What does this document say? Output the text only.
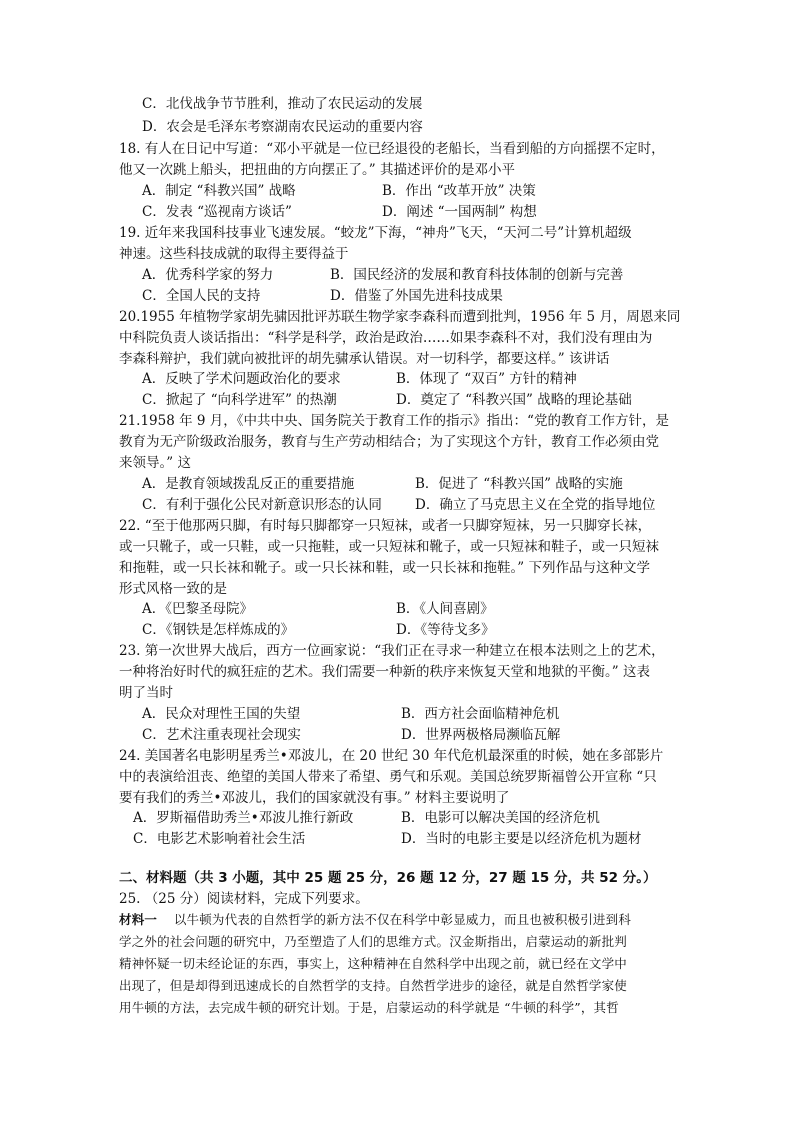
C．北伐战争节节胜利，推动了农民运动的发展
D．农会是毛泽东考察湖南农民运动的重要内容
18. 有人在日记中写道：“邓小平就是一位已经退役的老船长，当看到船的方向摇摆不定时，
他又一次跳上船头，把扭曲的方向摆正了。” 其描述评价的是邓小平
A．制定 “科教兴国” 战略	B．作出 “改革开放” 决策
C．发表 “巡视南方谈话”	D．阐述 “一国两制” 构想
19. 近年来我国科技事业飞速发展。“蛟龙”下海，“神舟”飞天，“天河二号”计算机超级
神速。这些科技成就的取得主要得益于
A．优秀科学家的努力	B．国民经济的发展和教育科技体制的创新与完善
C．全国人民的支持	D．借鉴了外国先进科技成果
20.1955 年植物学家胡先骕因批评苏联生物学家李森科而遭到批判，1956 年 5 月，周恩来同
中科院负责人谈话指出：“科学是科学，政治是政治……如果李森科不对，我们没有理由为
李森科辩护，我们就向被批评的胡先骕承认错误。对一切科学，都要这样。” 该讲话
A．反映了学术问题政治化的要求	B．体现了 “双百” 方针的精神
C．掀起了 “向科学进军” 的热潮	D．奠定了 “科教兴国” 战略的理论基础
21.1958 年 9 月，《中共中央、国务院关于教育工作的指示》指出：“党的教育工作方针，是
教育为无产阶级政治服务，教育与生产劳动相结合；为了实现这个方针，教育工作必须由党
来领导。” 这
A．是教育领域拨乱反正的重要措施	B．促进了 “科教兴国” 战略的实施
C．有利于强化公民对新意识形态的认同 D．确立了马克思主义在全党的指导地位
22. “至于他那两只脚，有时每只脚都穿一只短袜，或者一只脚穿短袜，另一只脚穿长袜，
或一只靴子，或一只鞋，或一只拖鞋，或一只短袜和靴子，或一只短袜和鞋子，或一只短袜
和拖鞋，或一只长袜和靴子。或一只长袜和鞋，或一只长袜和拖鞋。” 下列作品与这种文学
形式风格一致的是
A．《巴黎圣母院》	B．《人间喜剧》
C．《钢铁是怎样炼成的》	D．《等待戈多》
23. 第一次世界大战后，西方一位画家说：“我们正在寻求一种建立在根本法则之上的艺术，
一种将治好时代的疯狂症的艺术。我们需要一种新的秩序来恢复天堂和地狱的平衡。” 这表
明了当时
A．民众对理性王国的失望	B．西方社会面临精神危机
C．艺术注重表现社会现实	D．世界两极格局濒临瓦解
24. 美国著名电影明星秀兰•邓波儿，在 20 世纪 30 年代危机最深重的时候，她在多部影片
中的表演给沮丧、绝望的美国人带来了希望、勇气和乐观。美国总统罗斯福曾公开宣称 “只
要有我们的秀兰•邓波儿，我们的国家就没有事。” 材料主要说明了
A．罗斯福借助秀兰•邓波儿推行新政	B．电影可以解决美国的经济危机
C．电影艺术影响着社会生活	D．当时的电影主要是以经济危机为题材
二、材料题（共 3 小题，其中 25 题 25 分，26 题 12 分，27 题 15 分，共 52 分。）
25. （25 分）阅读材料，完成下列要求。
材料一 以牛顿为代表的自然哲学的新方法不仅在科学中彰显威力，而且也被积极引进到科
学之外的社会问题的研究中，乃至塑造了人们的思维方式。汉金斯指出，启蒙运动的新批判
精神怀疑一切未经论证的东西，事实上，这种精神在自然科学中出现之前，就已经在文学中
出现了，但是却得到迅速成长的自然哲学的支持。自然哲学进步的途径，就是自然哲学家使
用牛顿的方法，去完成牛顿的研究计划。于是，启蒙运动的科学就是 “牛顿的科学”，其哲
